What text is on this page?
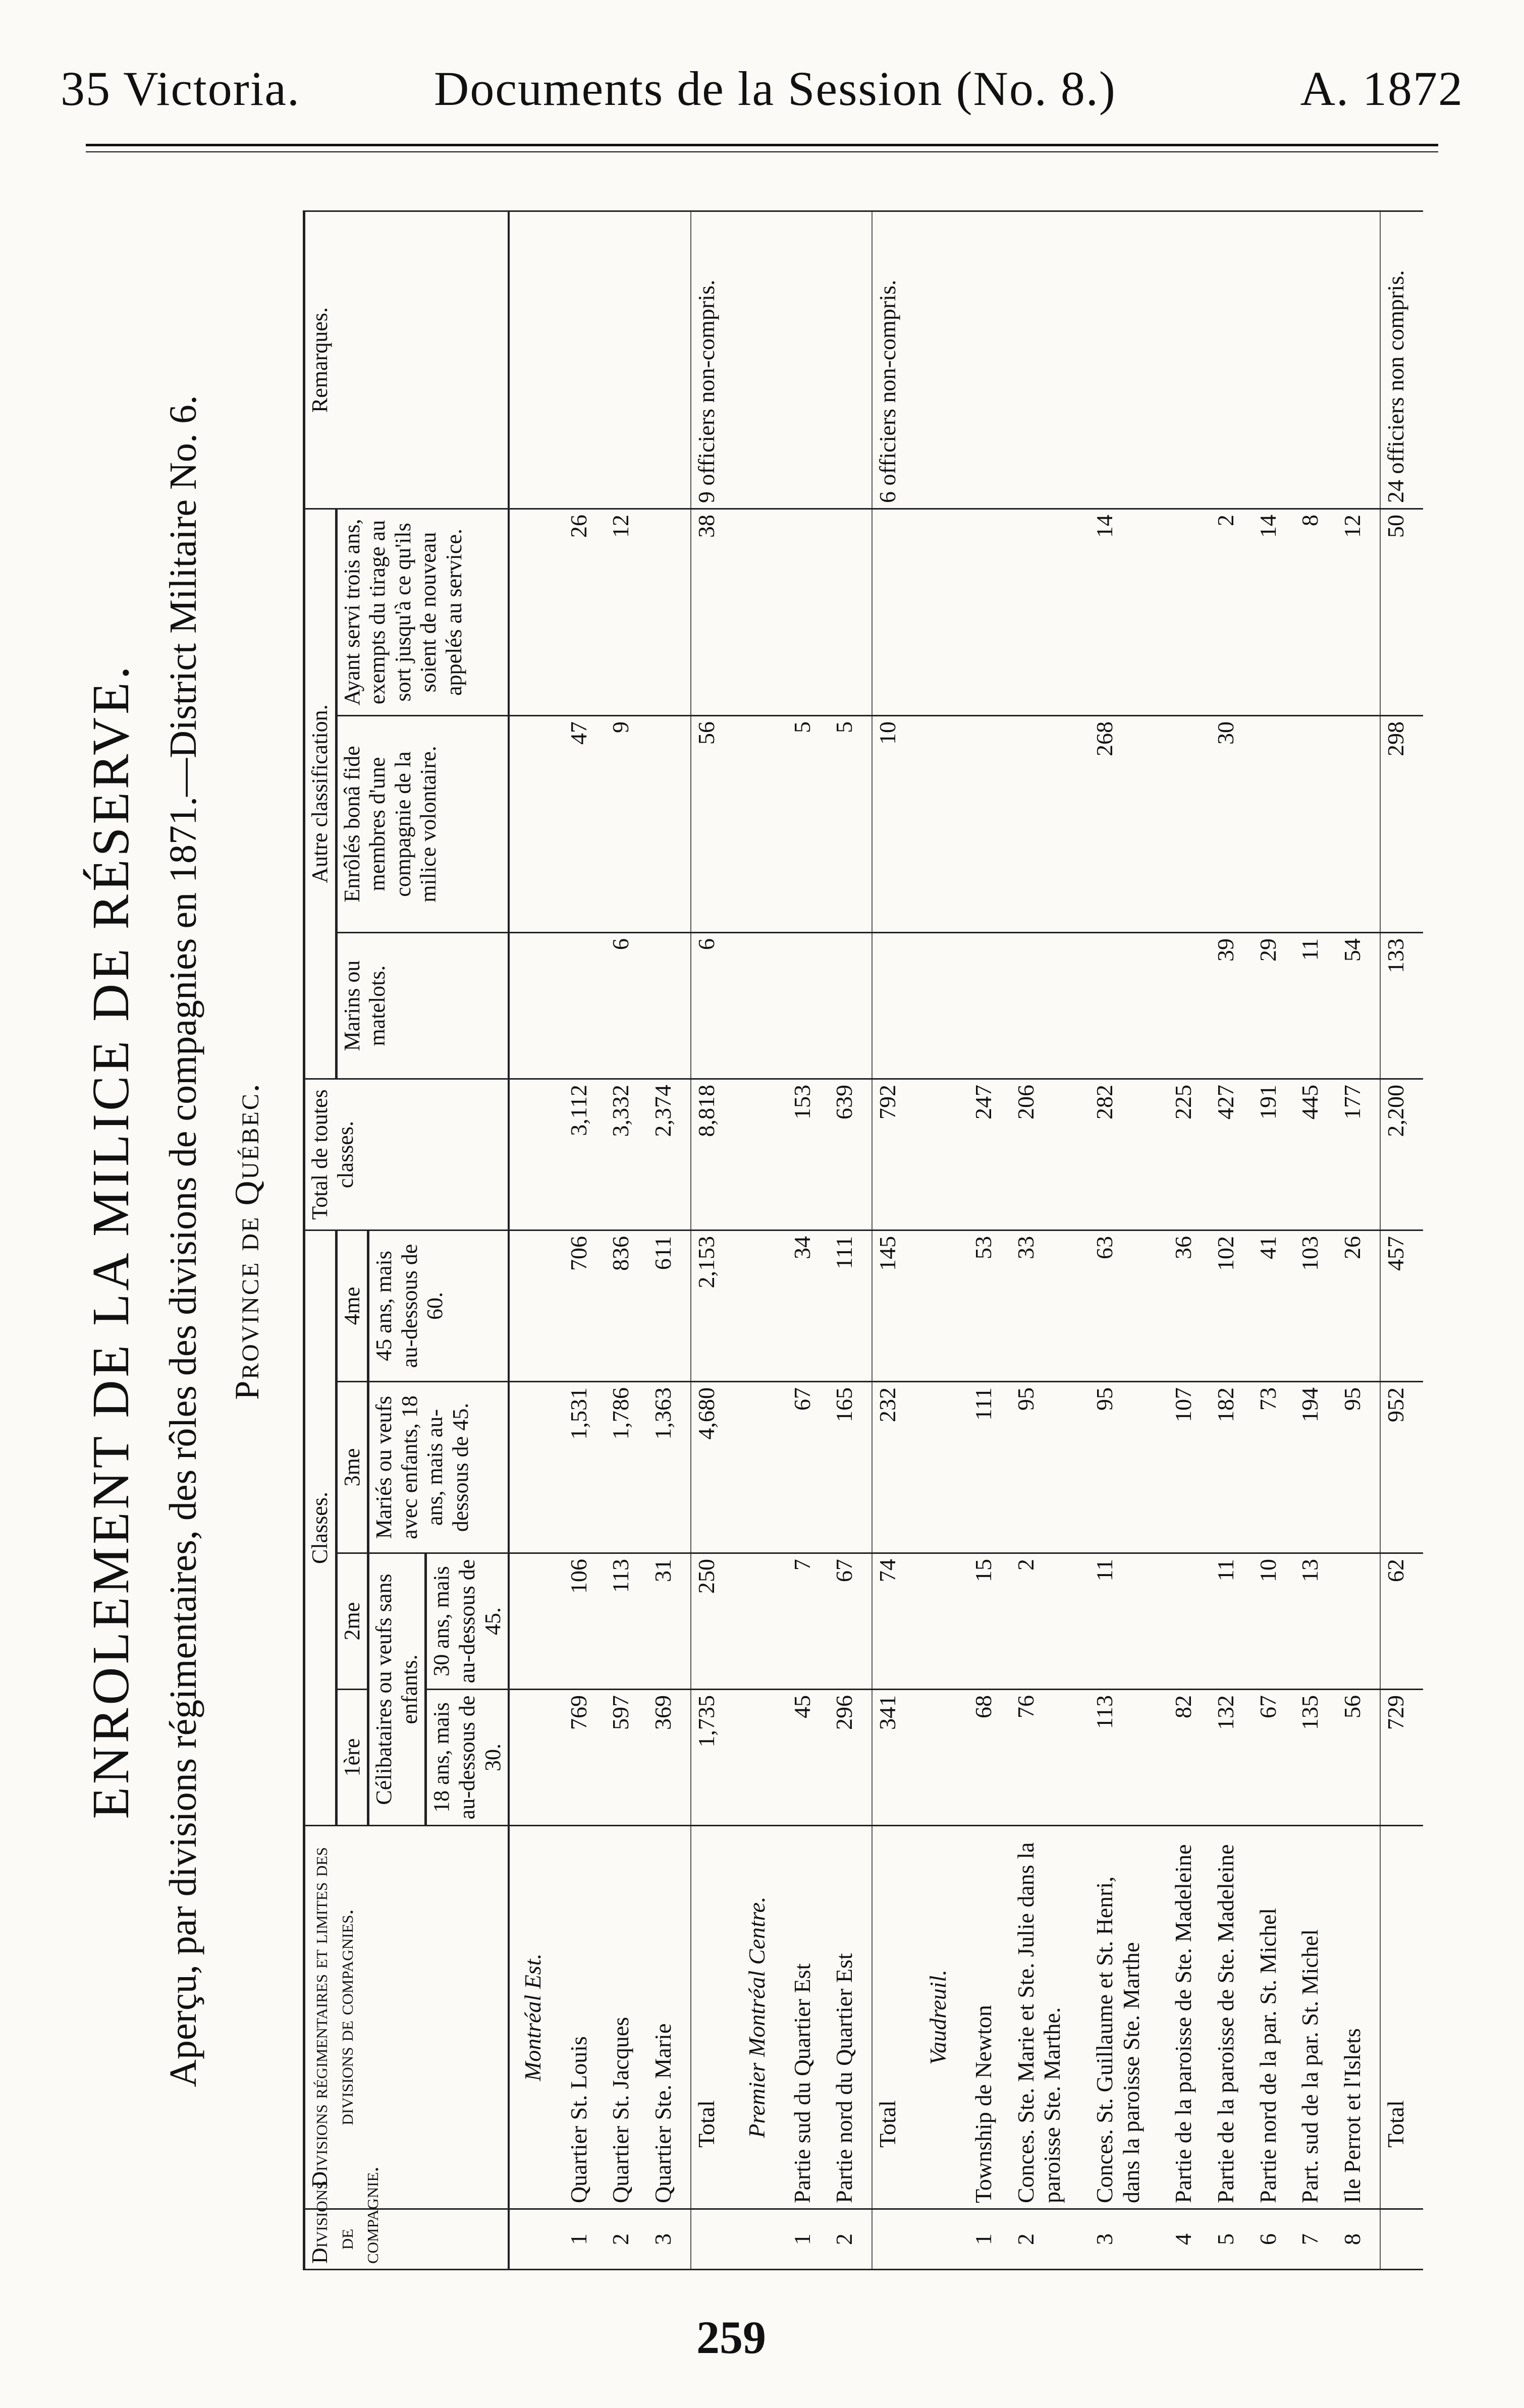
35 Victoria.	Documents de la Session (No. 8.)	A. 1872
ENROLEMENT DE LA MILICE DE RÉSERVE. Aperçu, par divisions régimentaires, des rôles des divisions de compagnies en 1871.—District Militaire No. 6. Province de Québec.
Divisions de compagnie.	Divisions régimentaires et limites des divisions de compagnies.	Classes.				Total de toutes classes.	Autre classification.			Remarques.
		1ère	2me	3me	4me		Marins ou matelots.	Enrôlés bonâ fide membres d'une compagnie de la milice volontaire.	Ayant servi trois ans, exempts du tirage au sort jusqu'à ce qu'ils soient de nouveau appelés au service.	
		Célibataires ou veufs sans enfants.		Mariés ou veufs avec enfants, 18 ans, mais au-dessous de 45.	45 ans, mais au-dessous de 60.					
		18 ans, mais au-dessous de 30.	30 ans, mais au-dessous de 45.							
	Montréal Est.									
1	Quartier St. Louis	769	106	1,531	706	3,112		47	26	
2	Quartier St. Jacques	597	113	1,786	836	3,332	6	9	12	
3	Quartier Ste. Marie	369	31	1,363	611	2,374				
	Total	1,735	250	4,680	2,153	8,818	6	56	38	9 officiers non-compris.
	Premier Montréal Centre.									
1	Partie sud du Quartier Est	45	7	67	34	153		5		
2	Partie nord du Quartier Est	296	67	165	111	639		5		
	Total	341	74	232	145	792		10		6 officiers non-compris.
	Vaudreuil.									
1	Township de Newton	68	15	111	53	247				
2	Conces. Ste. Marie et Ste. Julie dans la paroisse Ste. Marthe.	76	2	95	33	206				
3	Conces. St. Guillaume et St. Henri, dans la paroisse Ste. Marthe	113	11	95	63	282		268	14	
4	Partie de la paroisse de Ste. Madeleine	82		107	36	225				
5	Partie de la paroisse de Ste. Madeleine	132	11	182	102	427	39	30	2	
6	Partie nord de la par. St. Michel	67	10	73	41	191	29		14	
7	Part. sud de la par. St. Michel	135	13	194	103	445	11		8	
8	Ile Perrot et l'Islets	56		95	26	177	54		12	
	Total	729	62	952	457	2,200	133	298	50	24 officiers non compris.
259
